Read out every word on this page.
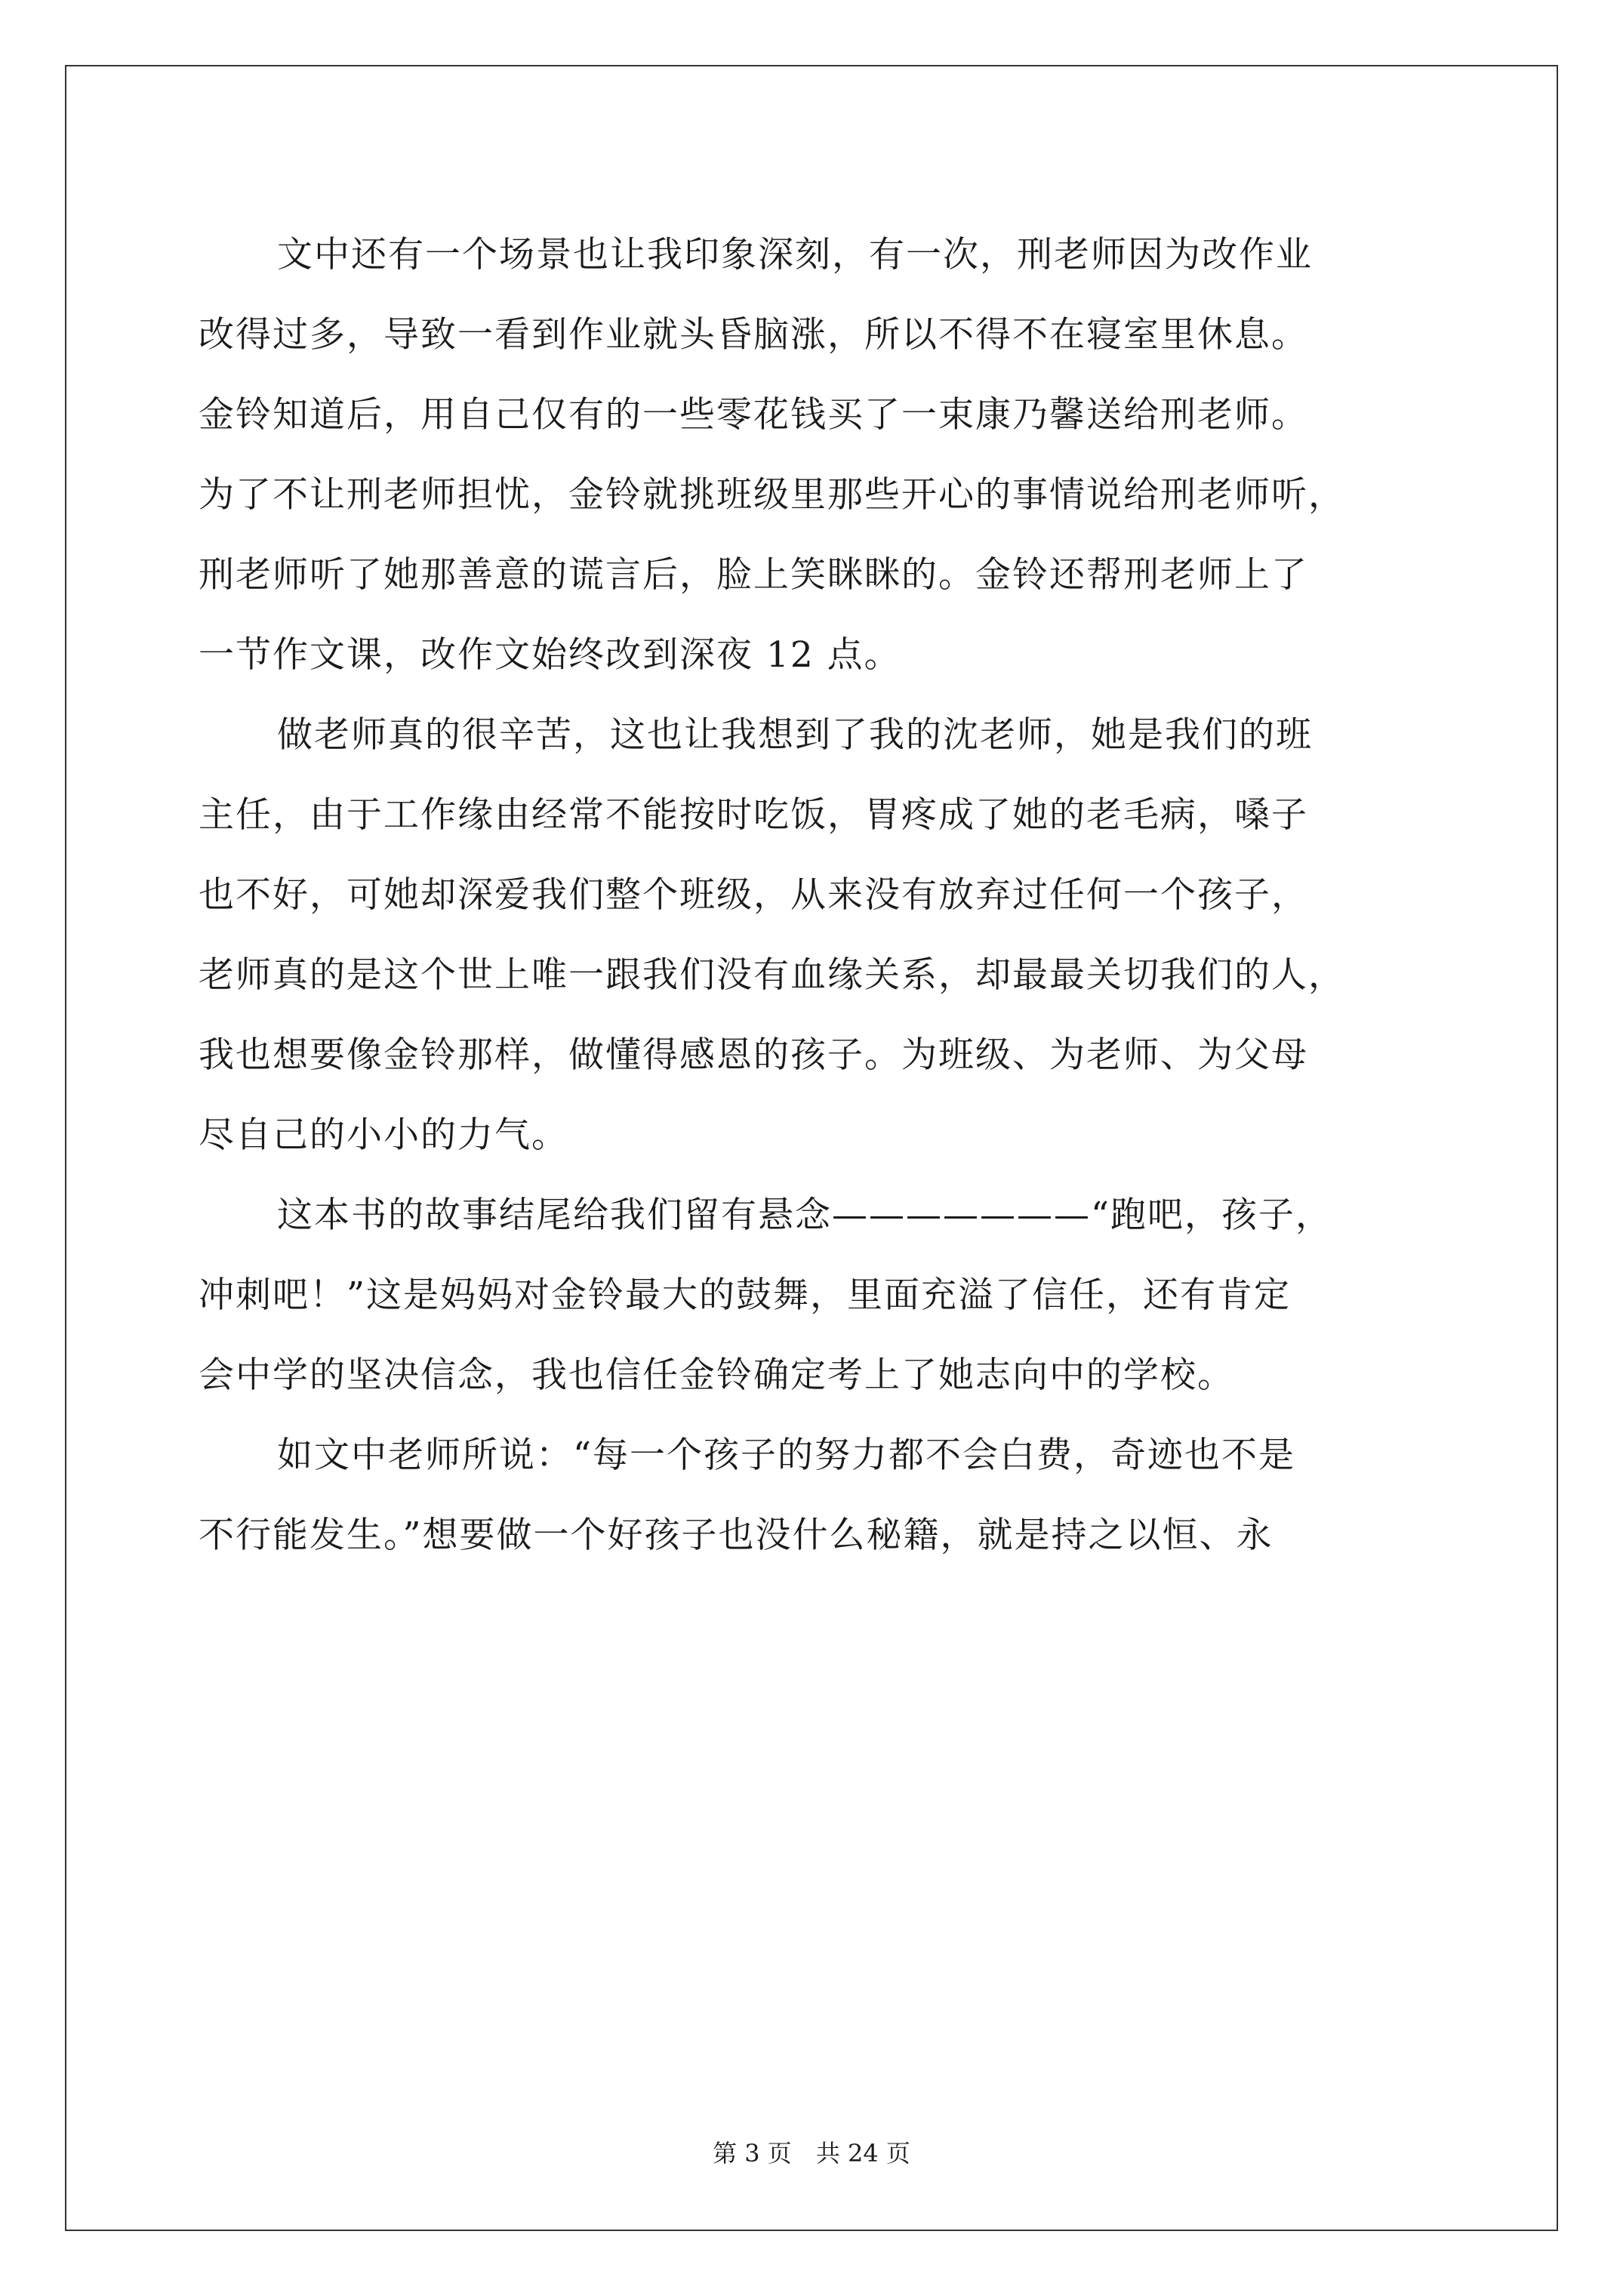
文中还有一个场景也让我印象深刻，有一次，刑老师因为改作业
改得过多，导致一看到作业就头昏脑涨，所以不得不在寝室里休息。
金铃知道后，用自己仅有的一些零花钱买了一束康乃馨送给刑老师。
为了不让刑老师担忧，金铃就挑班级里那些开心的事情说给刑老师听，
刑老师听了她那善意的谎言后，脸上笑眯眯的。金铃还帮刑老师上了
一节作文课，改作文始终改到深夜 12 点。
做老师真的很辛苦，这也让我想到了我的沈老师，她是我们的班
主任，由于工作缘由经常不能按时吃饭，胃疼成了她的老毛病，嗓子
也不好，可她却深爱我们整个班级，从来没有放弃过任何一个孩子，
老师真的是这个世上唯一跟我们没有血缘关系，却最最关切我们的人，
我也想要像金铃那样，做懂得感恩的孩子。为班级、为老师、为父母
尽自己的小小的力气。
这本书的故事结尾给我们留有悬念———————“跑吧，孩子，
冲刺吧！”这是妈妈对金铃最大的鼓舞，里面充溢了信任，还有肯定
会中学的坚决信念，我也信任金铃确定考上了她志向中的学校。
如文中老师所说：“每一个孩子的努力都不会白费，奇迹也不是
不行能发生。”想要做一个好孩子也没什么秘籍，就是持之以恒、永
第 3 页 共 24 页
